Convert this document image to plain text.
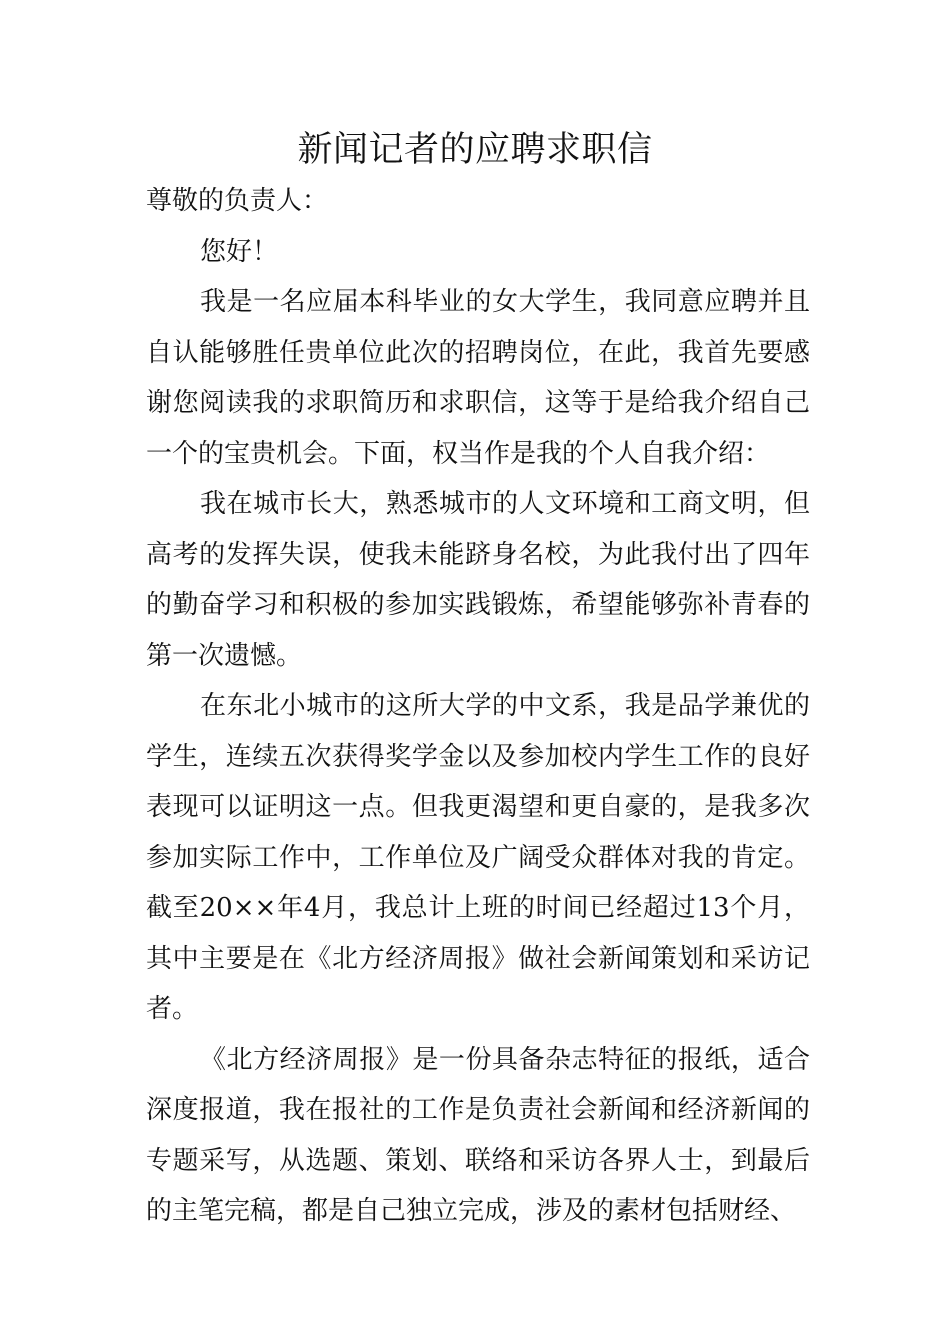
新闻记者的应聘求职信

尊敬的负责人：

您好！

我是一名应届本科毕业的女大学生，我同意应聘并且自认能够胜任贵单位此次的招聘岗位，在此，我首先要感谢您阅读我的求职简历和求职信，这等于是给我介绍自己一个的宝贵机会。下面，权当作是我的个人自我介绍：

我在城市长大，熟悉城市的人文环境和工商文明，但高考的发挥失误，使我未能跻身名校，为此我付出了四年的勤奋学习和积极的参加实践锻炼，希望能够弥补青春的第一次遗憾。

在东北小城市的这所大学的中文系，我是品学兼优的学生，连续五次获得奖学金以及参加校内学生工作的良好表现可以证明这一点。但我更渴望和更自豪的，是我多次参加实际工作中，工作单位及广阔受众群体对我的肯定。截至20××年4月，我总计上班的时间已经超过13个月，其中主要是在《北方经济周报》做社会新闻策划和采访记者。

《北方经济周报》是一份具备杂志特征的报纸，适合深度报道，我在报社的工作是负责社会新闻和经济新闻的专题采写，从选题、策划、联络和采访各界人士，到最后的主笔完稿，都是自己独立完成，涉及的素材包括财经、
